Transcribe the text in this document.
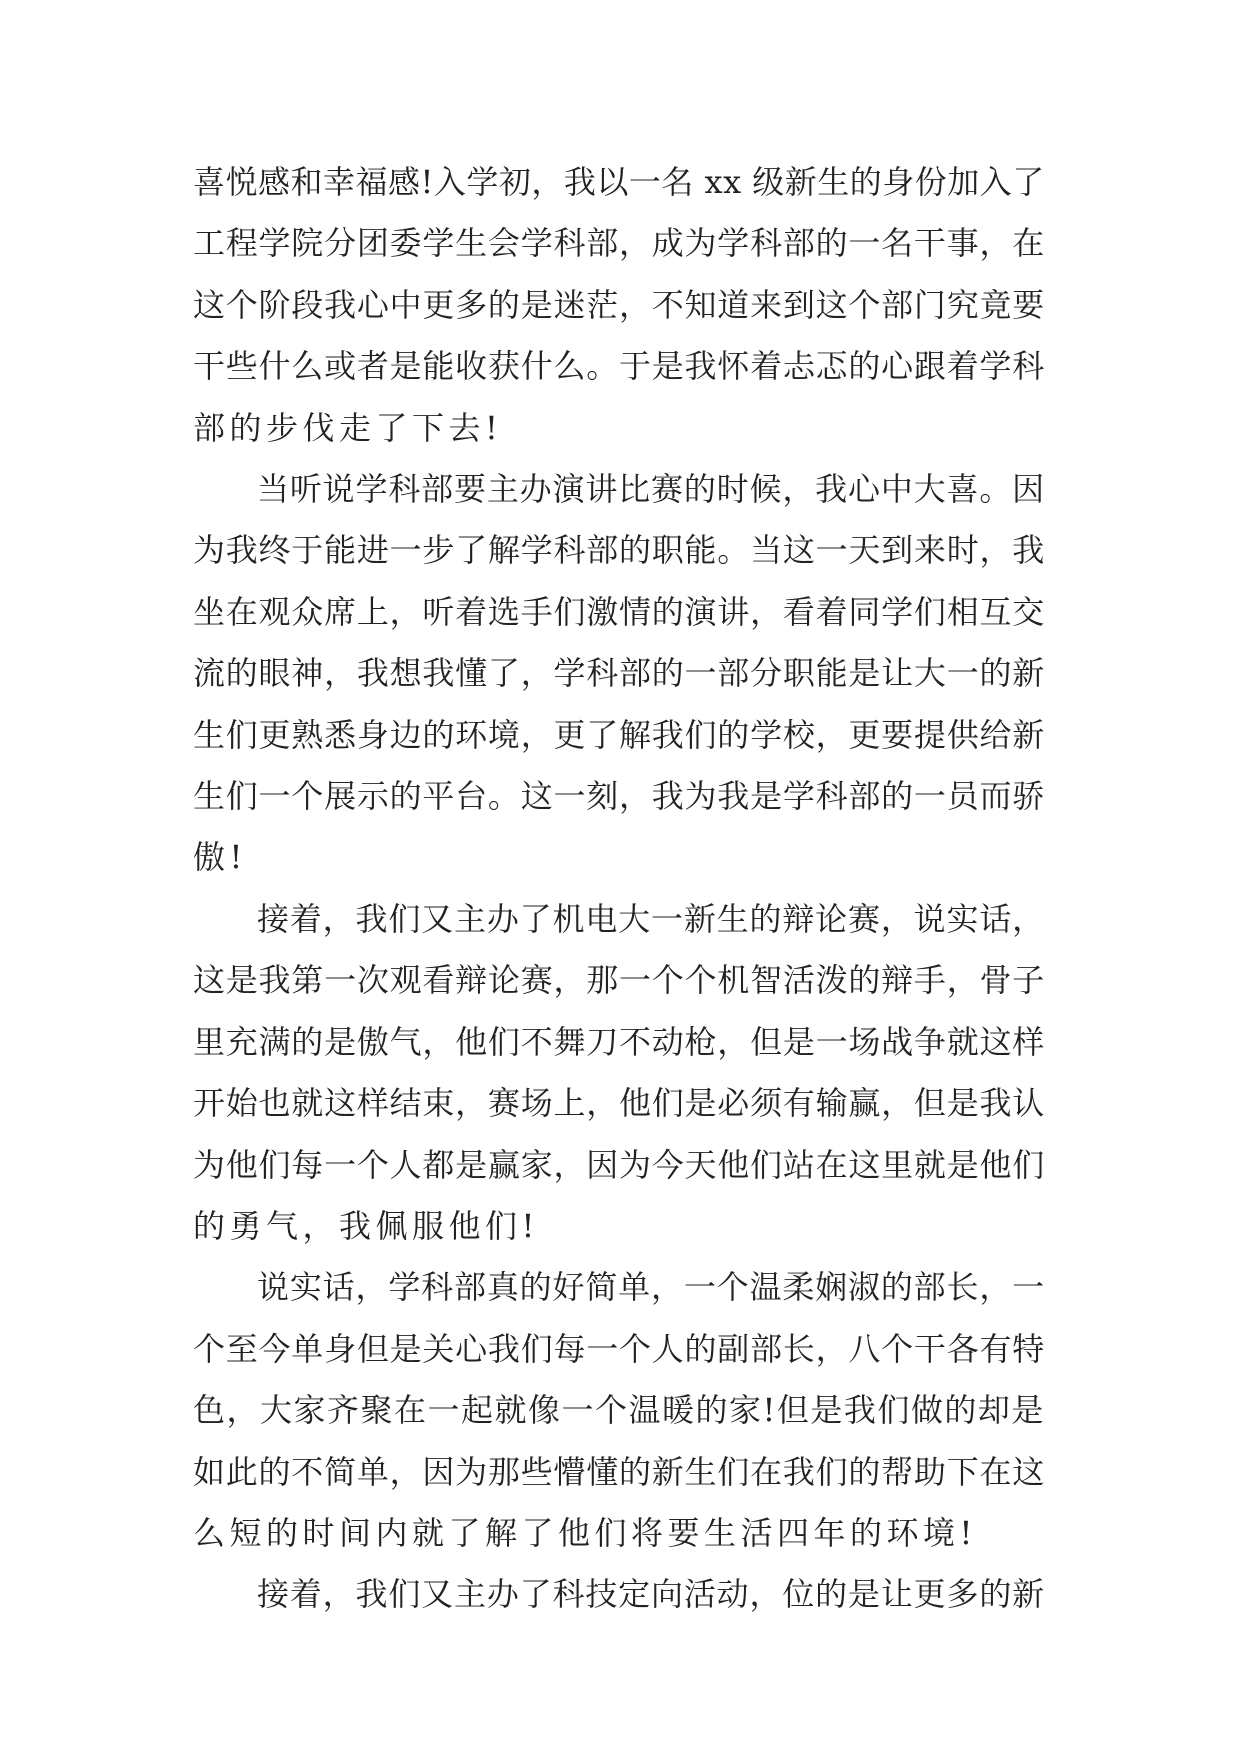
喜悦感和幸福感!入学初，我以一名 xx 级新生的身份加入了
工程学院分团委学生会学科部，成为学科部的一名干事，在
这个阶段我心中更多的是迷茫，不知道来到这个部门究竟要
干些什么或者是能收获什么。于是我怀着忐忑的心跟着学科
部的步伐走了下去!
当听说学科部要主办演讲比赛的时候，我心中大喜。因
为我终于能进一步了解学科部的职能。当这一天到来时，我
坐在观众席上，听着选手们激情的演讲，看着同学们相互交
流的眼神，我想我懂了，学科部的一部分职能是让大一的新
生们更熟悉身边的环境，更了解我们的学校，更要提供给新
生们一个展示的平台。这一刻，我为我是学科部的一员而骄
傲!
接着，我们又主办了机电大一新生的辩论赛，说实话，
这是我第一次观看辩论赛，那一个个机智活泼的辩手，骨子
里充满的是傲气，他们不舞刀不动枪，但是一场战争就这样
开始也就这样结束，赛场上，他们是必须有输赢，但是我认
为他们每一个人都是赢家，因为今天他们站在这里就是他们
的勇气，我佩服他们!
说实话，学科部真的好简单，一个温柔娴淑的部长，一
个至今单身但是关心我们每一个人的副部长，八个干各有特
色，大家齐聚在一起就像一个温暖的家!但是我们做的却是
如此的不简单，因为那些懵懂的新生们在我们的帮助下在这
么短的时间内就了解了他们将要生活四年的环境!
接着，我们又主办了科技定向活动，位的是让更多的新
